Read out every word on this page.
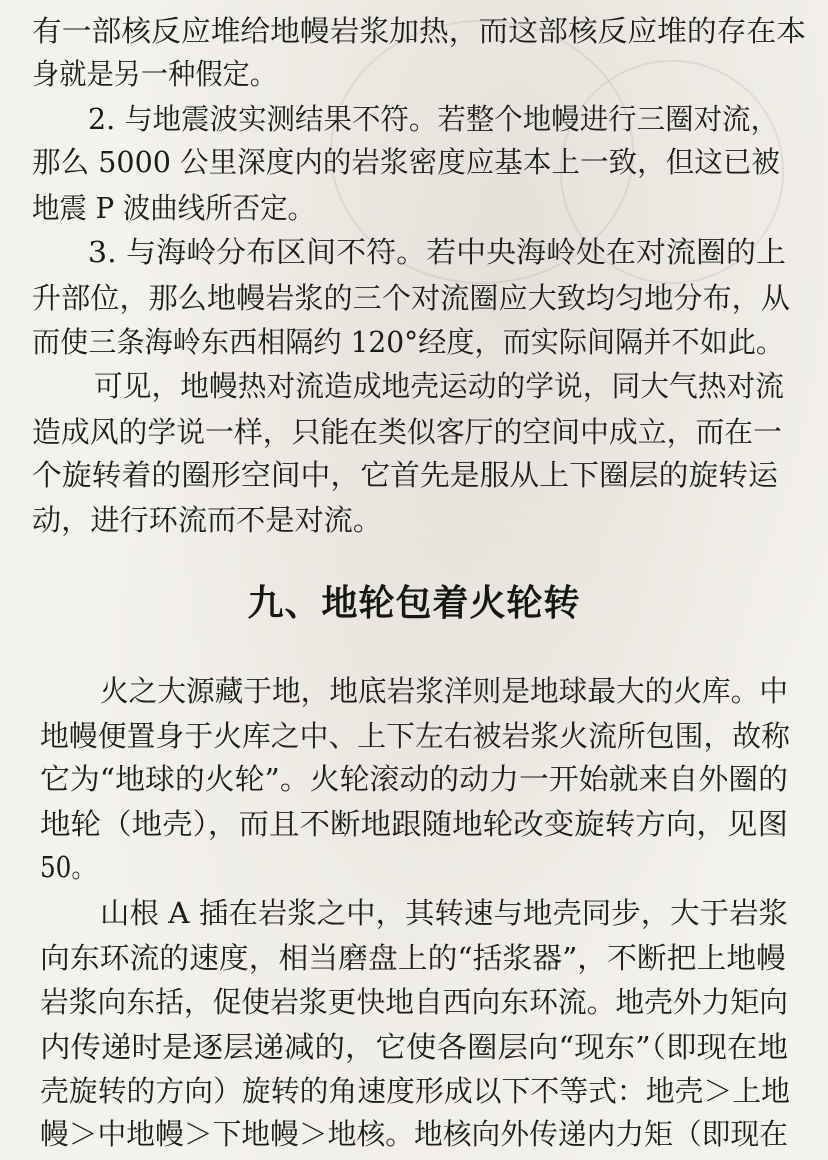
有一部核反应堆给地幔岩浆加热，而这部核反应堆的存在本
身就是另一种假定。
2. 与地震波实测结果不符。若整个地幔进行三圈对流，
那么 5000 公里深度内的岩浆密度应基本上一致，但这已被
地震 P 波曲线所否定。
3. 与海岭分布区间不符。若中央海岭处在对流圈的上
升部位，那么地幔岩浆的三个对流圈应大致均匀地分布，从
而使三条海岭东西相隔约 120°经度，而实际间隔并不如此。
可见，地幔热对流造成地壳运动的学说，同大气热对流
造成风的学说一样，只能在类似客厅的空间中成立，而在一
个旋转着的圈形空间中，它首先是服从上下圈层的旋转运
动，进行环流而不是对流。
九、地轮包着火轮转
火之大源藏于地，地底岩浆洋则是地球最大的火库。中
地幔便置身于火库之中、上下左右被岩浆火流所包围，故称
它为“地球的火轮”。火轮滚动的动力一开始就来自外圈的
地轮（地壳），而且不断地跟随地轮改变旋转方向，见图
50。
山根 A 插在岩浆之中，其转速与地壳同步，大于岩浆
向东环流的速度，相当磨盘上的“括浆器”，不断把上地幔
岩浆向东括，促使岩浆更快地自西向东环流。地壳外力矩向
内传递时是逐层递减的，它使各圈层向“现东”（即现在地
壳旋转的方向）旋转的角速度形成以下不等式：地壳＞上地
幔＞中地幔＞下地幔＞地核。地核向外传递内力矩（即现在
